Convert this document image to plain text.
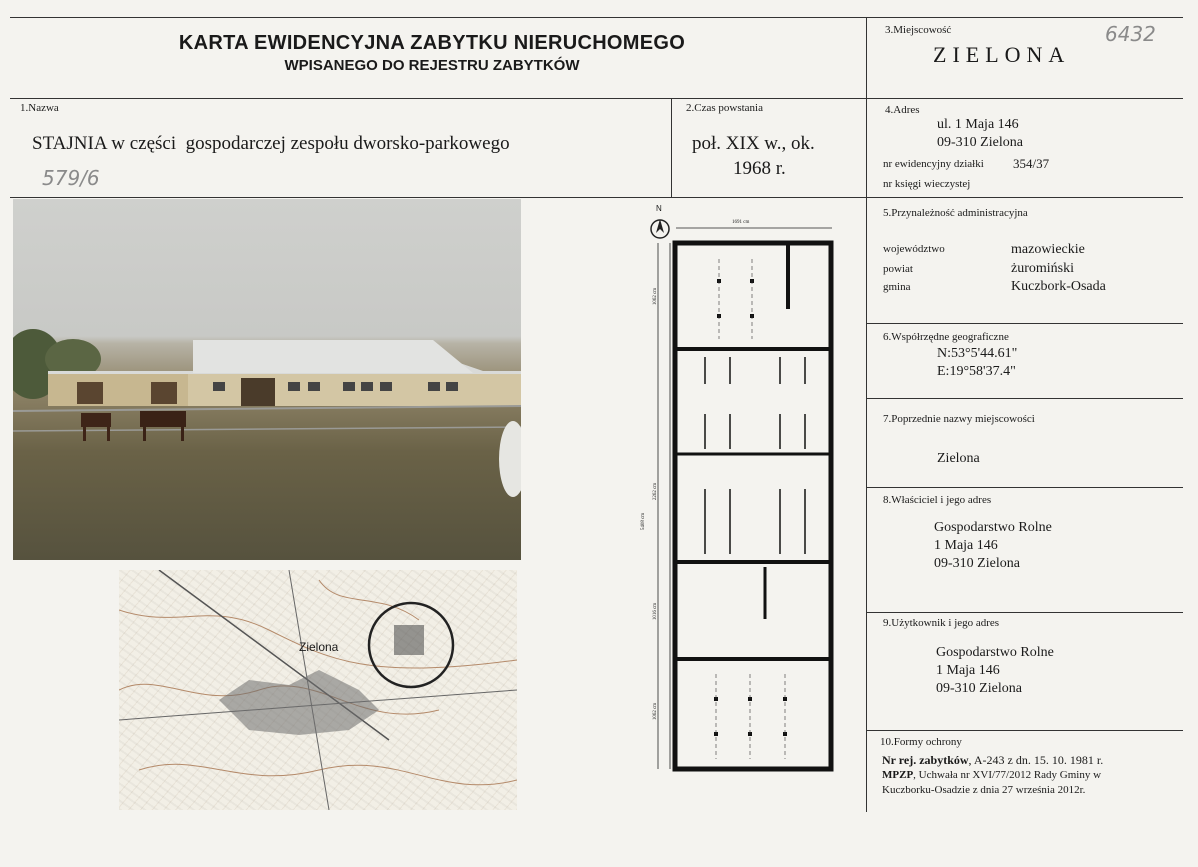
KARTA EWIDENCYJNA ZABYTKU NIERUCHOMEGO
WPISANEGO DO REJESTRU ZABYTKÓW
3.Miejscowość
ZIELONA
6432
1.Nazwa
STAJNIA w części  gospodarczej zespołu dworsko-parkowego
579/6
2.Czas powstania
poł. XIX w., ok.
1968 r.
4.Adres
ul. 1 Maja 146
09-310 Zielona
nr ewidencyjny działki 354/37
nr księgi wieczystej
5.Przynależność administracyjna
województwo	mazowieckie
powiat	żuromiński
gmina	Kuczbork-Osada
6.Współrzędne geograficzne
N:53°5'44.61"
E:19°58'37.4"
7.Poprzednie nazwy miejscowości
Zielona
8.Właściciel i jego adres
Gospodarstwo Rolne
1 Maja 146
09-310 Zielona
9.Użytkownik i jego adres
Gospodarstwo Rolne
1 Maja 146
09-310 Zielona
10.Formy ochrony
Nr rej. zabytków, A-243 z dn. 15. 10. 1981 r.
MPZP, Uchwała nr XVI/77/2012 Rady Gminy w
Kuczborku-Osadzie z dnia 27 września 2012r.
Zielona
N
1691 cm
5408 cm
1062 cm
2262 cm
1016 cm
1062 cm
